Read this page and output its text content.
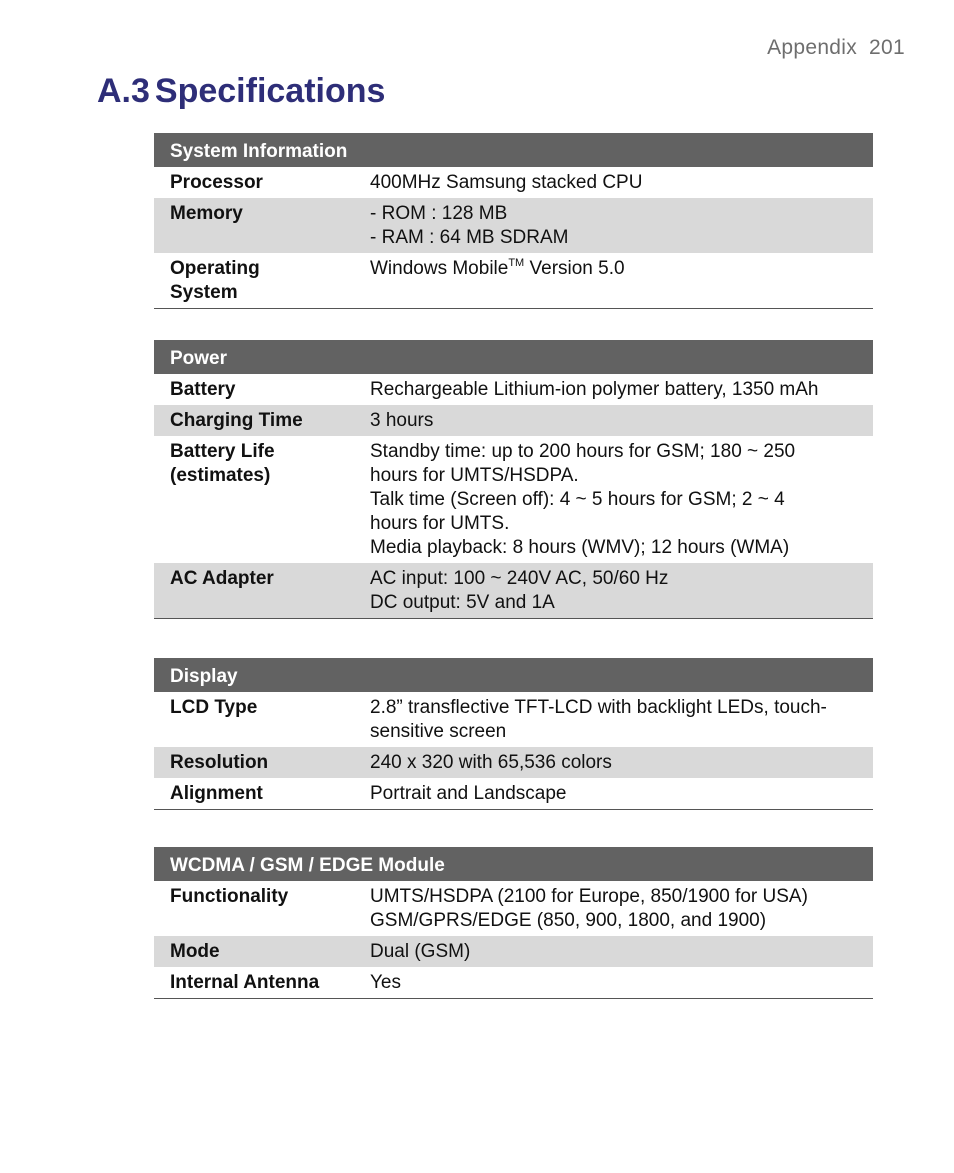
Appendix 201
A.3 Specifications
System Information	
Processor	400MHz Samsung stacked CPU

Memory	- ROM : 128 MB
- RAM : 64 MB SDRAM

Operating
System	Windows Mobile™ Version 5.0
Power	
Battery	Rechargeable Lithium-ion polymer battery, 1350 mAh

Charging Time	3 hours

Battery Life
(estimates)	Standby time: up to 200 hours for GSM; 180 ~ 250
hours for UMTS/HSDPA.
Talk time (Screen off): 4 ~ 5 hours for GSM; 2 ~ 4
hours for UMTS.
Media playback: 8 hours (WMV); 12 hours (WMA)

AC Adapter	AC input: 100 ~ 240V AC, 50/60 Hz
DC output: 5V and 1A
Display	
LCD Type	2.8” transflective TFT-LCD with backlight LEDs, touch-
sensitive screen

Resolution	240 x 320 with 65,536 colors

Alignment	Portrait and Landscape
WCDMA / GSM / EDGE Module	
Functionality	UMTS/HSDPA (2100 for Europe, 850/1900 for USA)
GSM/GPRS/EDGE (850, 900, 1800, and 1900)

Mode	Dual (GSM)

Internal Antenna	Yes
